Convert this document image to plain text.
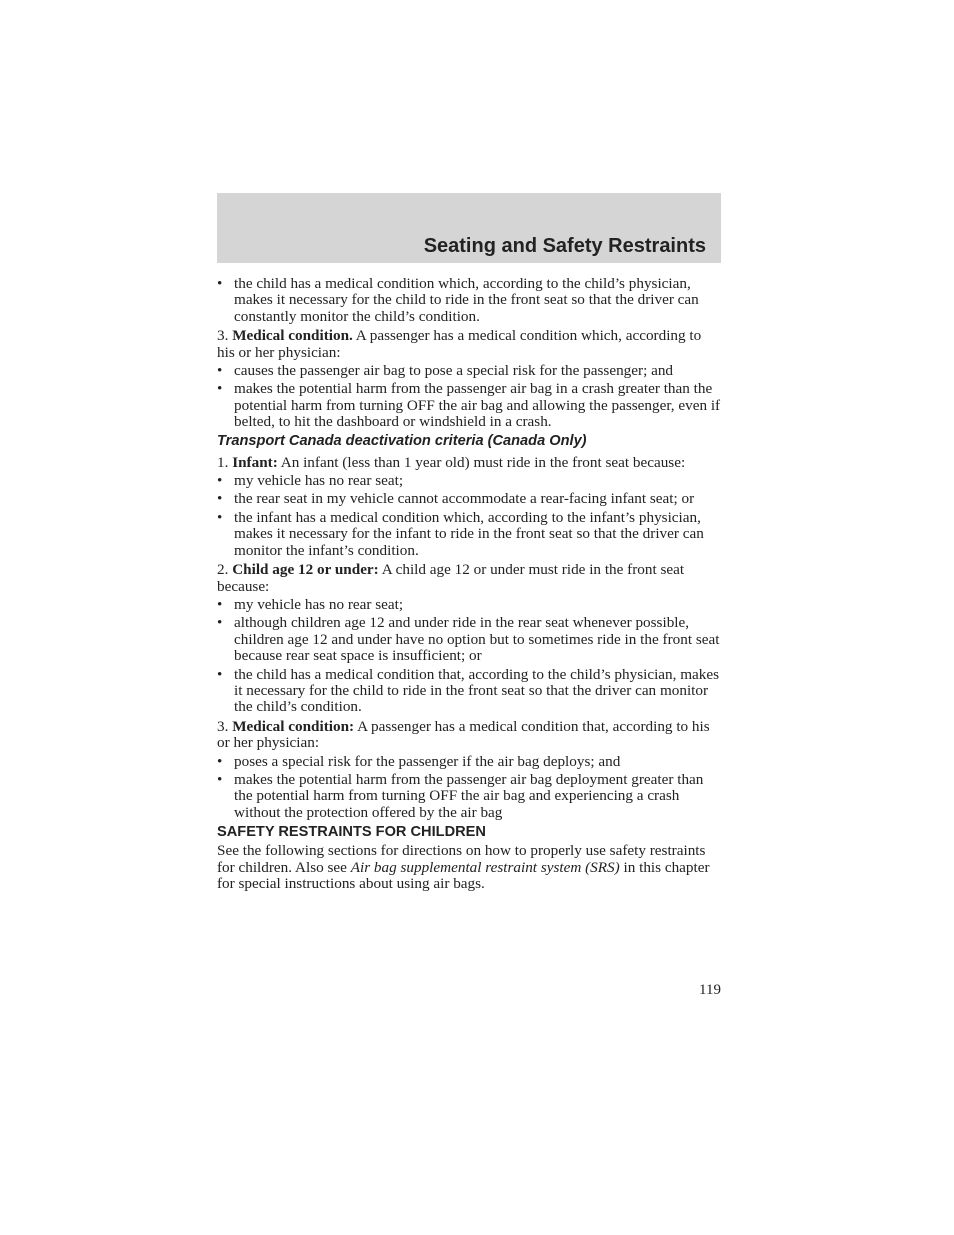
Seating and Safety Restraints
• the child has a medical condition which, according to the child’s physician, makes it necessary for the child to ride in the front seat so that the driver can constantly monitor the child’s condition.
3. Medical condition. A passenger has a medical condition which, according to his or her physician:
• causes the passenger air bag to pose a special risk for the passenger; and
• makes the potential harm from the passenger air bag in a crash greater than the potential harm from turning OFF the air bag and allowing the passenger, even if belted, to hit the dashboard or windshield in a crash.
Transport Canada deactivation criteria (Canada Only)
1. Infant: An infant (less than 1 year old) must ride in the front seat because:
• my vehicle has no rear seat;
• the rear seat in my vehicle cannot accommodate a rear-facing infant seat; or
• the infant has a medical condition which, according to the infant’s physician, makes it necessary for the infant to ride in the front seat so that the driver can monitor the infant’s condition.
2. Child age 12 or under: A child age 12 or under must ride in the front seat because:
• my vehicle has no rear seat;
• although children age 12 and under ride in the rear seat whenever possible, children age 12 and under have no option but to sometimes ride in the front seat because rear seat space is insufficient; or
• the child has a medical condition that, according to the child’s physician, makes it necessary for the child to ride in the front seat so that the driver can monitor the child’s condition.
3. Medical condition: A passenger has a medical condition that, according to his or her physician:
• poses a special risk for the passenger if the air bag deploys; and
• makes the potential harm from the passenger air bag deployment greater than the potential harm from turning OFF the air bag and experiencing a crash without the protection offered by the air bag
SAFETY RESTRAINTS FOR CHILDREN
See the following sections for directions on how to properly use safety restraints for children. Also see Air bag supplemental restraint system (SRS) in this chapter for special instructions about using air bags.
119
